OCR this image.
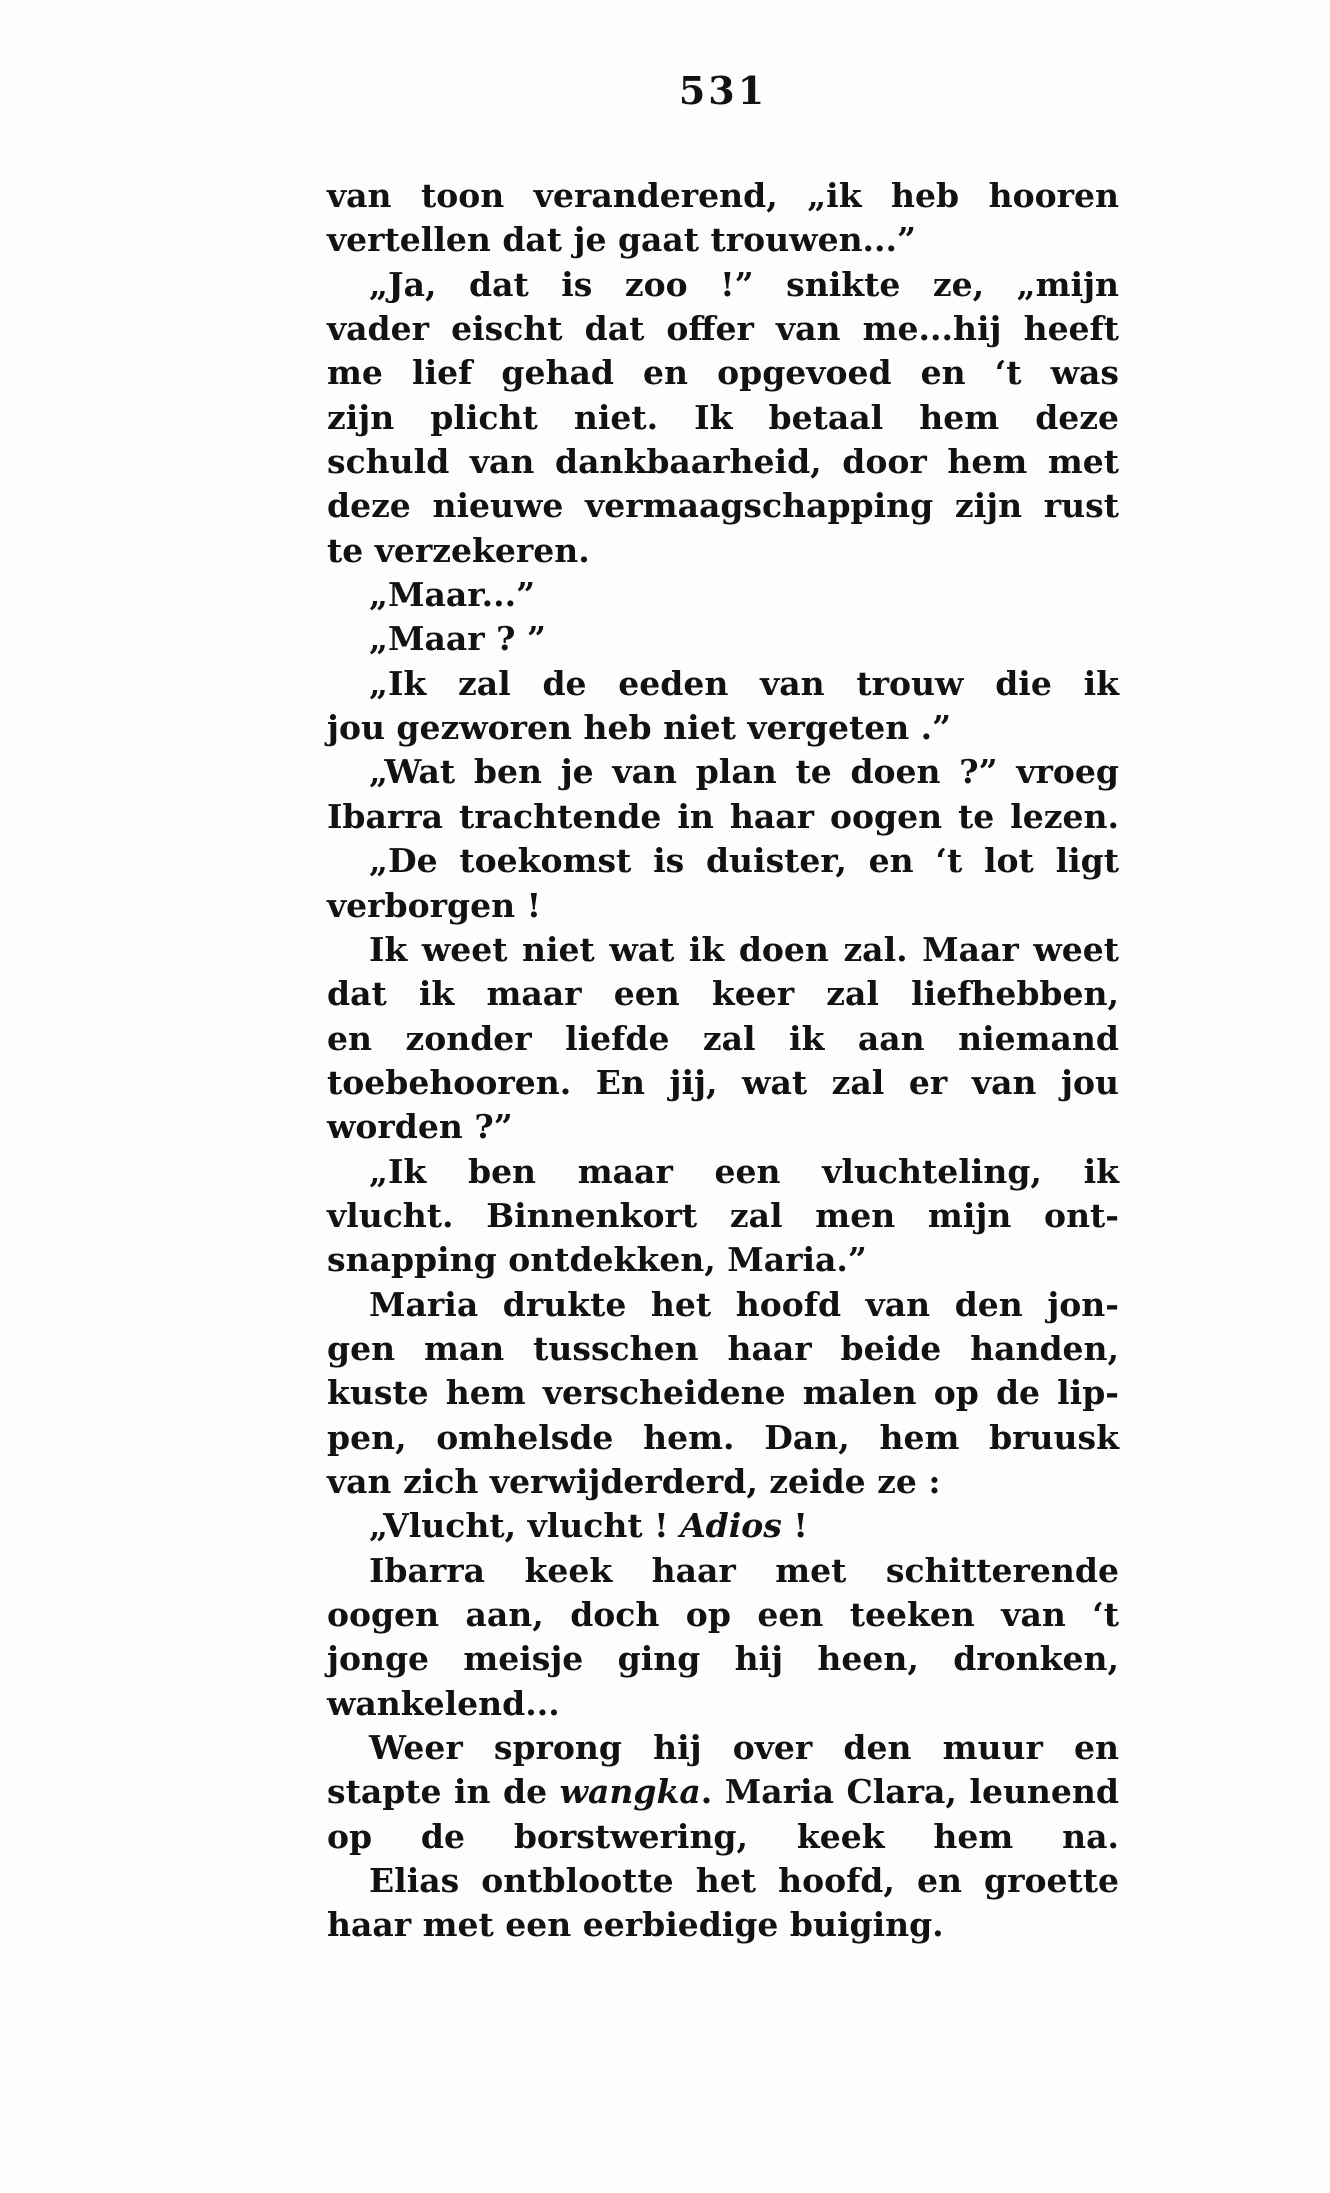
531
van toon veranderend, „ik heb hooren
vertellen dat je gaat trouwen...”
„Ja, dat is zoo !” snikte ze, „mijn
vader eischt dat offer van me...hij heeft
me lief gehad en opgevoed en ‘t was
zijn plicht niet. Ik betaal hem deze
schuld van dankbaarheid, door hem met
deze nieuwe vermaagschapping zijn rust
te verzekeren.
„Maar...”
„Maar ? ”
„Ik zal de eeden van trouw die ik
jou gezworen heb niet vergeten .”
„Wat ben je van plan te doen ?” vroeg
Ibarra trachtende in haar oogen te lezen.
„De toekomst is duister, en ‘t lot ligt
verborgen !
Ik weet niet wat ik doen zal. Maar weet
dat ik maar een keer zal liefhebben,
en zonder liefde zal ik aan niemand
toebehooren. En jij, wat zal er van jou
worden ?”
„Ik ben maar een vluchteling, ik
vlucht. Binnenkort zal men mijn ont-
snapping ontdekken, Maria.”
Maria drukte het hoofd van den jon-
gen man tusschen haar beide handen,
kuste hem verscheidene malen op de lip-
pen, omhelsde hem. Dan, hem bruusk
van zich verwijderderd, zeide ze :
„Vlucht, vlucht ! Adios !
Ibarra keek haar met schitterende
oogen aan, doch op een teeken van ‘t
jonge meisje ging hij heen, dronken,
wankelend...
Weer sprong hij over den muur en
stapte in de wangka. Maria Clara, leunend
op de borstwering, keek hem na.
Elias ontblootte het hoofd, en groette
haar met een eerbiedige buiging.
